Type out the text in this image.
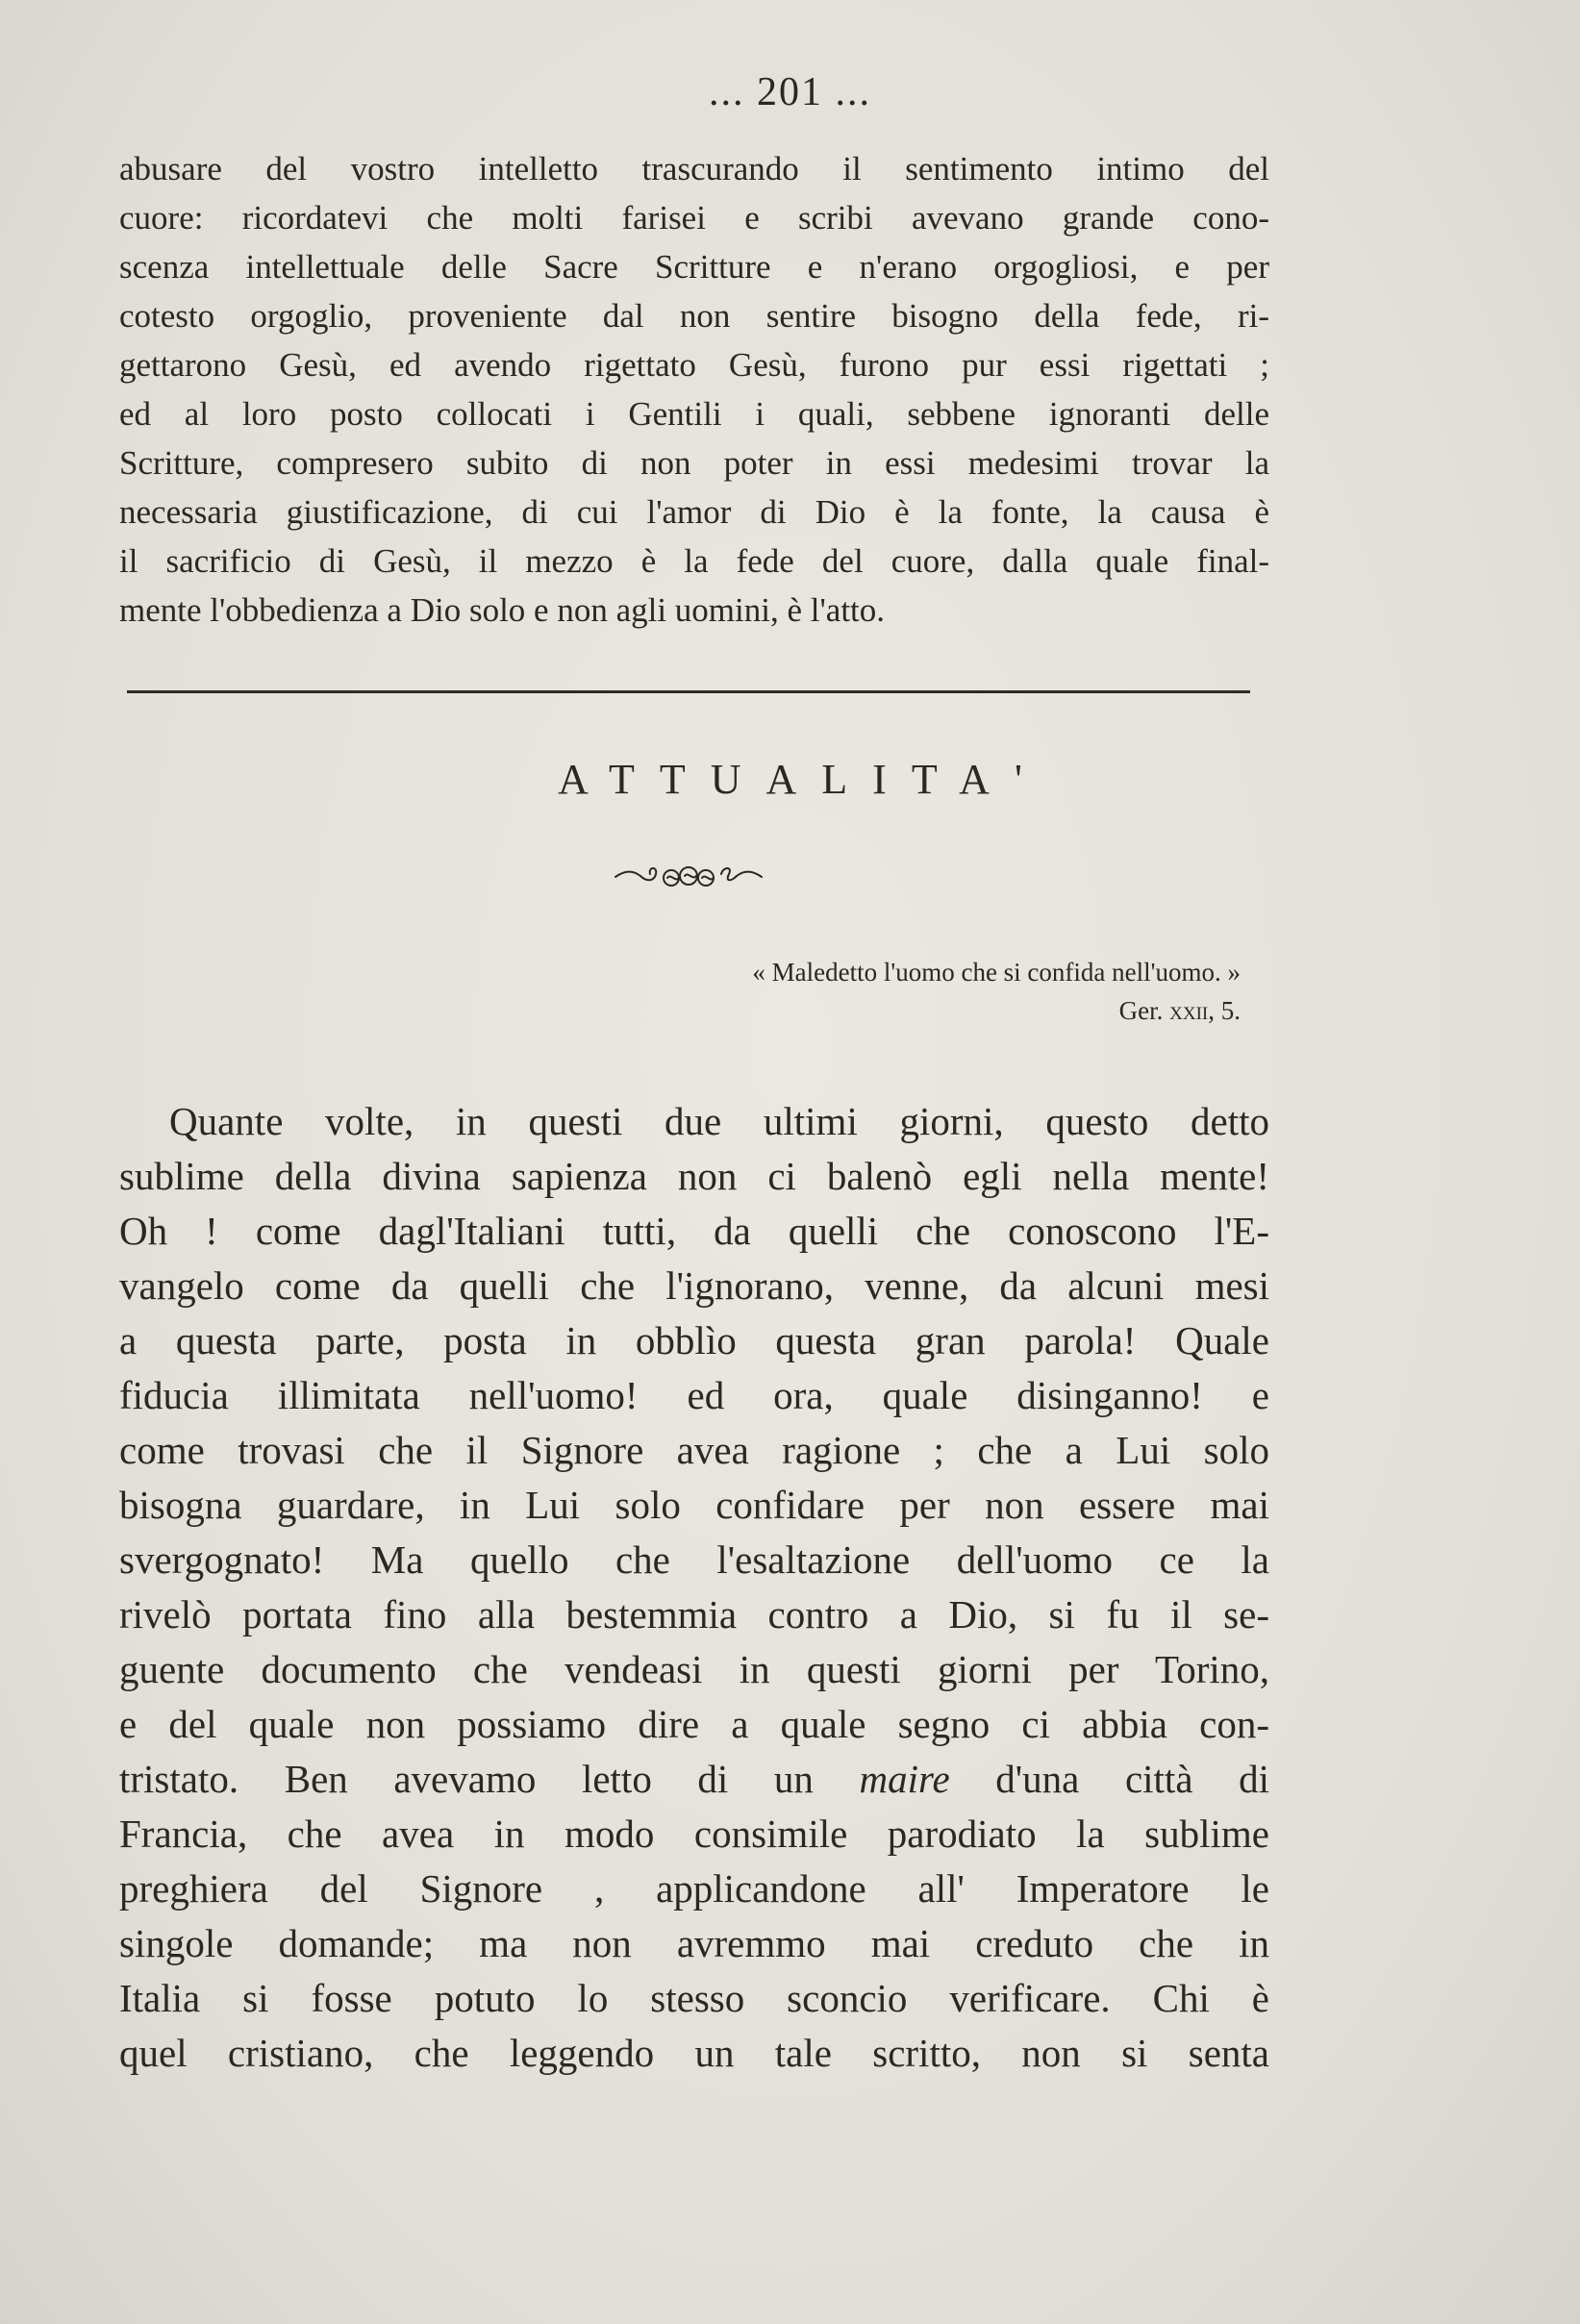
... 201 ...
abusare del vostro intelletto trascurando il sentimento intimo del
cuore: ricordatevi che molti farisei e scribi avevano grande cono-
scenza intellettuale delle Sacre Scritture e n'erano orgogliosi, e per
cotesto orgoglio, proveniente dal non sentire bisogno della fede, ri-
gettarono Gesù, ed avendo rigettato Gesù, furono pur essi rigettati ;
ed al loro posto collocati i Gentili i quali, sebbene ignoranti delle
Scritture, compresero subito di non poter in essi medesimi trovar la
necessaria giustificazione, di cui l'amor di Dio è la fonte, la causa è
il sacrificio di Gesù, il mezzo è la fede del cuore, dalla quale final-
mente l'obbedienza a Dio solo e non agli uomini, è l'atto.
ATTUALITA'
« Maledetto l'uomo che si confida nell'uomo. »
Ger. xxii, 5.
Quante volte, in questi due ultimi giorni, questo detto
sublime della divina sapienza non ci balenò egli nella mente!
Oh ! come dagl'Italiani tutti, da quelli che conoscono l'E-
vangelo come da quelli che l'ignorano, venne, da alcuni mesi
a questa parte, posta in obblìo questa gran parola! Quale
fiducia illimitata nell'uomo! ed ora, quale disinganno! e
come trovasi che il Signore avea ragione ; che a Lui solo
bisogna guardare, in Lui solo confidare per non essere mai
svergognato! Ma quello che l'esaltazione dell'uomo ce la
rivelò portata fino alla bestemmia contro a Dio, si fu il se-
guente documento che vendeasi in questi giorni per Torino,
e del quale non possiamo dire a quale segno ci abbia con-
tristato. Ben avevamo letto di un maire d'una città di
Francia, che avea in modo consimile parodiato la sublime
preghiera del Signore , applicandone all' Imperatore le
singole domande; ma non avremmo mai creduto che in
Italia si fosse potuto lo stesso sconcio verificare. Chi è
quel cristiano, che leggendo un tale scritto, non si senta
